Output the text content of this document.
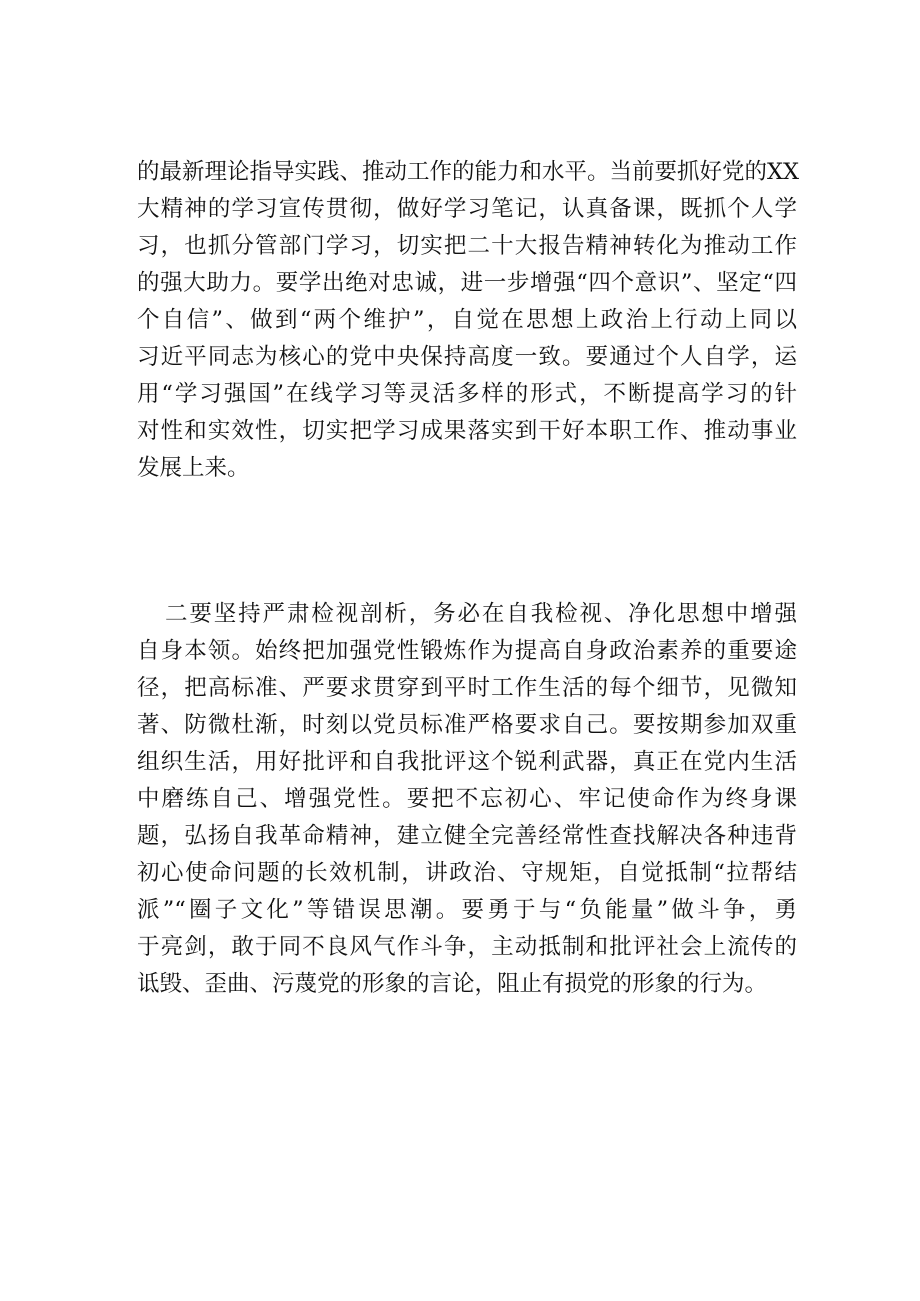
的最新理论指导实践、推动工作的能力和水平。当前要抓好党的XX
大精神的学习宣传贯彻，做好学习笔记，认真备课，既抓个人学
习，也抓分管部门学习，切实把二十大报告精神转化为推动工作
的强大助力。要学出绝对忠诚，进一步增强“四个意识”、坚定“四
个自信”、做到“两个维护”，自觉在思想上政治上行动上同以
习近平同志为核心的党中央保持高度一致。要通过个人自学，运
用“学习强国”在线学习等灵活多样的形式，不断提高学习的针
对性和实效性，切实把学习成果落实到干好本职工作、推动事业
发展上来。
二要坚持严肃检视剖析，务必在自我检视、净化思想中增强
自身本领。始终把加强党性锻炼作为提高自身政治素养的重要途
径，把高标准、严要求贯穿到平时工作生活的每个细节，见微知
著、防微杜渐，时刻以党员标准严格要求自己。要按期参加双重
组织生活，用好批评和自我批评这个锐利武器，真正在党内生活
中磨练自己、增强党性。要把不忘初心、牢记使命作为终身课
题，弘扬自我革命精神，建立健全完善经常性查找解决各种违背
初心使命问题的长效机制，讲政治、守规矩，自觉抵制“拉帮结
派”“圈子文化”等错误思潮。要勇于与“负能量”做斗争，勇
于亮剑，敢于同不良风气作斗争，主动抵制和批评社会上流传的
诋毁、歪曲、污蔑党的形象的言论，阻止有损党的形象的行为。
